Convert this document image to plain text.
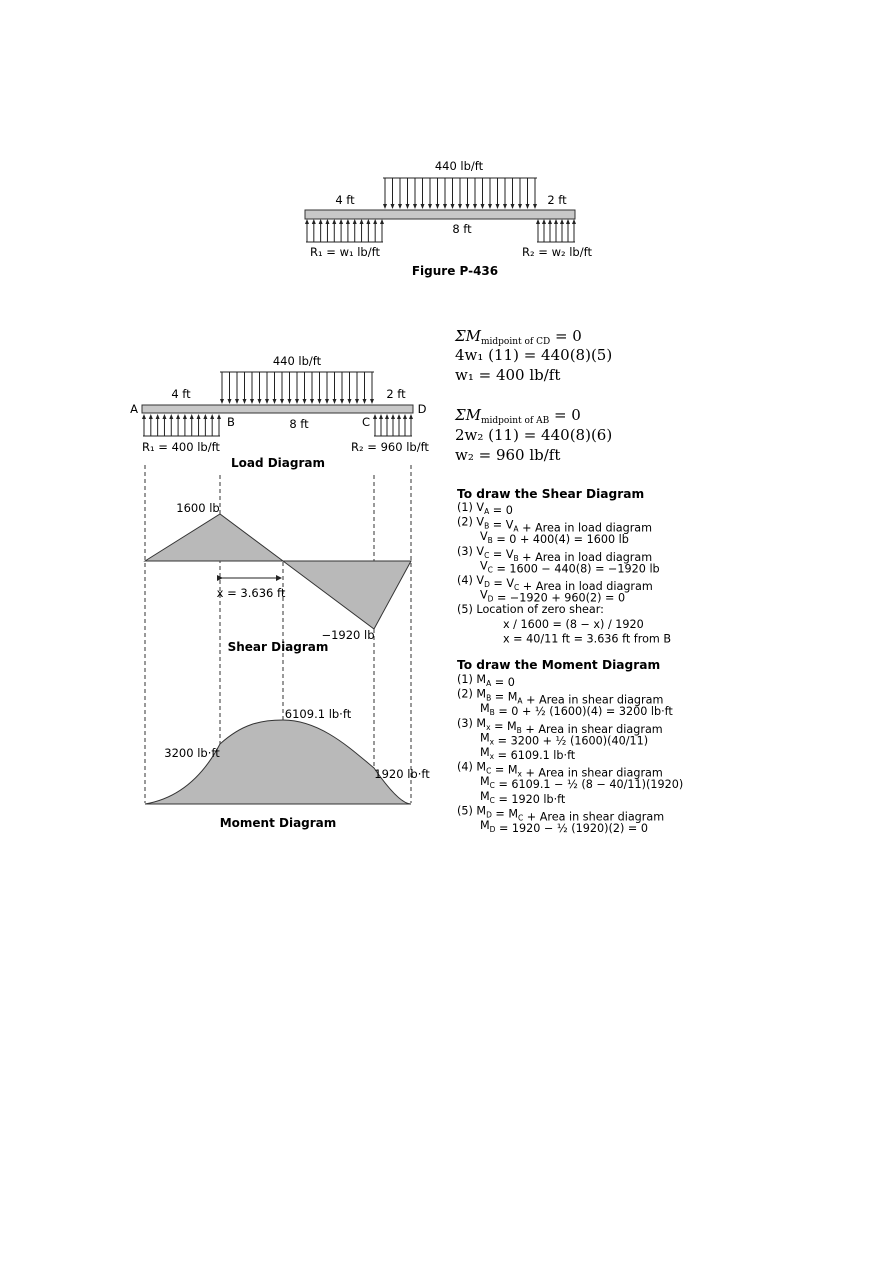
440 lb/ft
4 ft	2 ft
8 ft
R₁ = w₁ lb/ft	R₂ = w₂ lb/ft
Figure P-436
440 lb/ft
4 ft	2 ft
A	D
B	C
8 ft
R₁ = 400 lb/ft	R₂ = 960 lb/ft
Load Diagram
1600 lb
−1920 lb
x = 3.636 ft
Shear Diagram
3200 lb·ft
6109.1 lb·ft
1920 lb·ft
Moment Diagram
$\Sigma M_{midpoint of CD} = 0$
4w₁ (11) = 440(8)(5)
w₁ = 400 lb/ft
$\Sigma M_{midpoint of AB} = 0$
2w₂ (11) = 440(8)(6)
w₂ = 960 lb/ft
To draw the Shear Diagram
(1) $V_A = 0$
(2) $V_B = V_A$ + Area in load diagram
$V_B = 0 + 400(4) = 1600$ lb
(3) $V_C = V_B$ + Area in load diagram
$V_C = 1600 - 440(8) = -1920$ lb
(4) $V_D = V_C$ + Area in load diagram
$V_D = -1920 + 960(2) = 0$
(5) Location of zero shear:
x / 1600 = (8 − x) / 1920
x = 40/11 ft = 3.636 ft from B
To draw the Moment Diagram
(1) $M_A = 0$
(2) $M_B = M_A$ + Area in shear diagram
$M_B = 0$ + ½ (1600)(4) = 3200 lb·ft
(3) $M_x = M_B$ + Area in shear diagram
$M_x = 3200$ + ½ (1600)(40/11)
$M_x = 6109.1$ lb·ft
(4) $M_C = M_x$ + Area in shear diagram
$M_C = 6109.1$ − ½ (8 − 40/11)(1920)
$M_C = 1920$ lb·ft
(5) $M_D = M_C$ + Area in shear diagram
$M_D = 1920$ − ½ (1920)(2) = 0
